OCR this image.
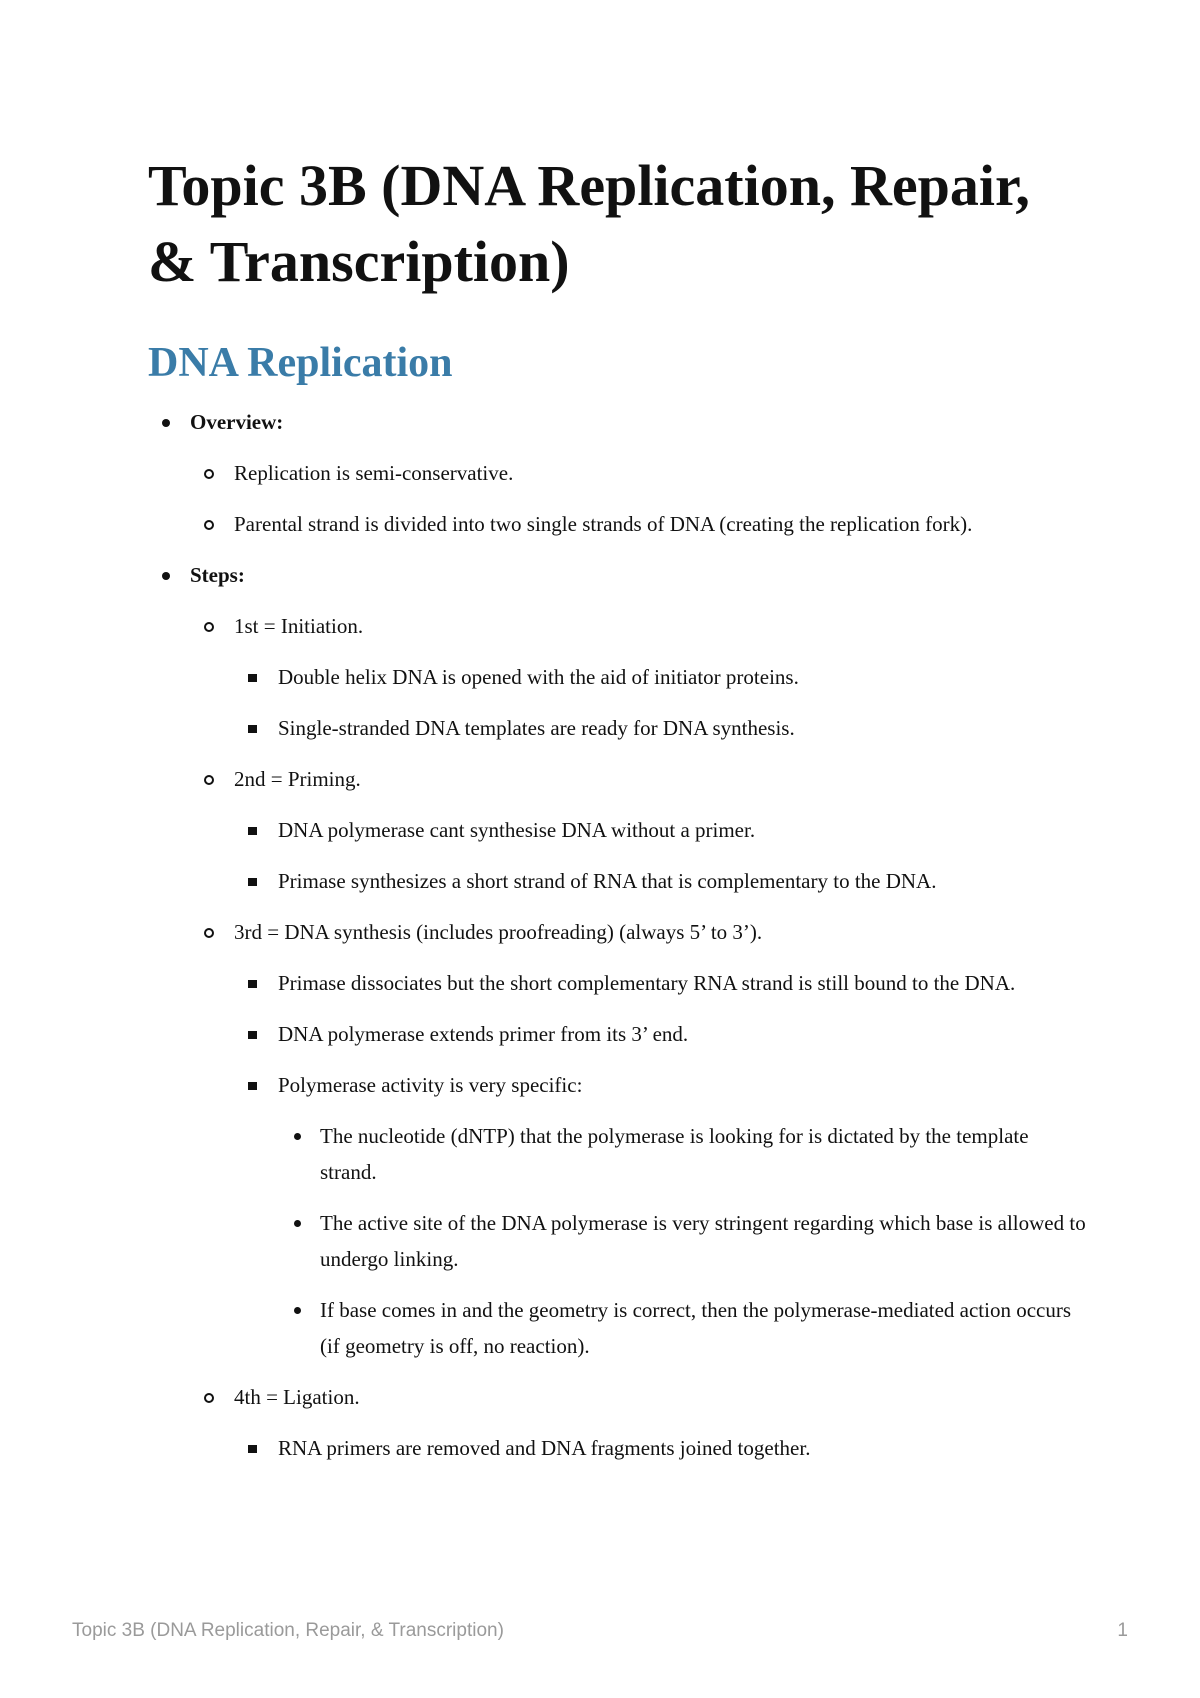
Topic 3B (DNA Replication, Repair, & Transcription)
DNA Replication
Overview:
Replication is semi-conservative.
Parental strand is divided into two single strands of DNA (creating the replication fork).
Steps:
1st = Initiation.
Double helix DNA is opened with the aid of initiator proteins.
Single-stranded DNA templates are ready for DNA synthesis.
2nd = Priming.
DNA polymerase cant synthesise DNA without a primer.
Primase synthesizes a short strand of RNA that is complementary to the DNA.
3rd = DNA synthesis (includes proofreading) (always 5’ to 3’).
Primase dissociates but the short complementary RNA strand is still bound to the DNA.
DNA polymerase extends primer from its 3’ end.
Polymerase activity is very specific:
The nucleotide (dNTP) that the polymerase is looking for is dictated by the template strand.
The active site of the DNA polymerase is very stringent regarding which base is allowed to undergo linking.
If base comes in and the geometry is correct, then the polymerase-mediated action occurs (if geometry is off, no reaction).
4th = Ligation.
RNA primers are removed and DNA fragments joined together.
Topic 3B (DNA Replication, Repair, & Transcription)	1
